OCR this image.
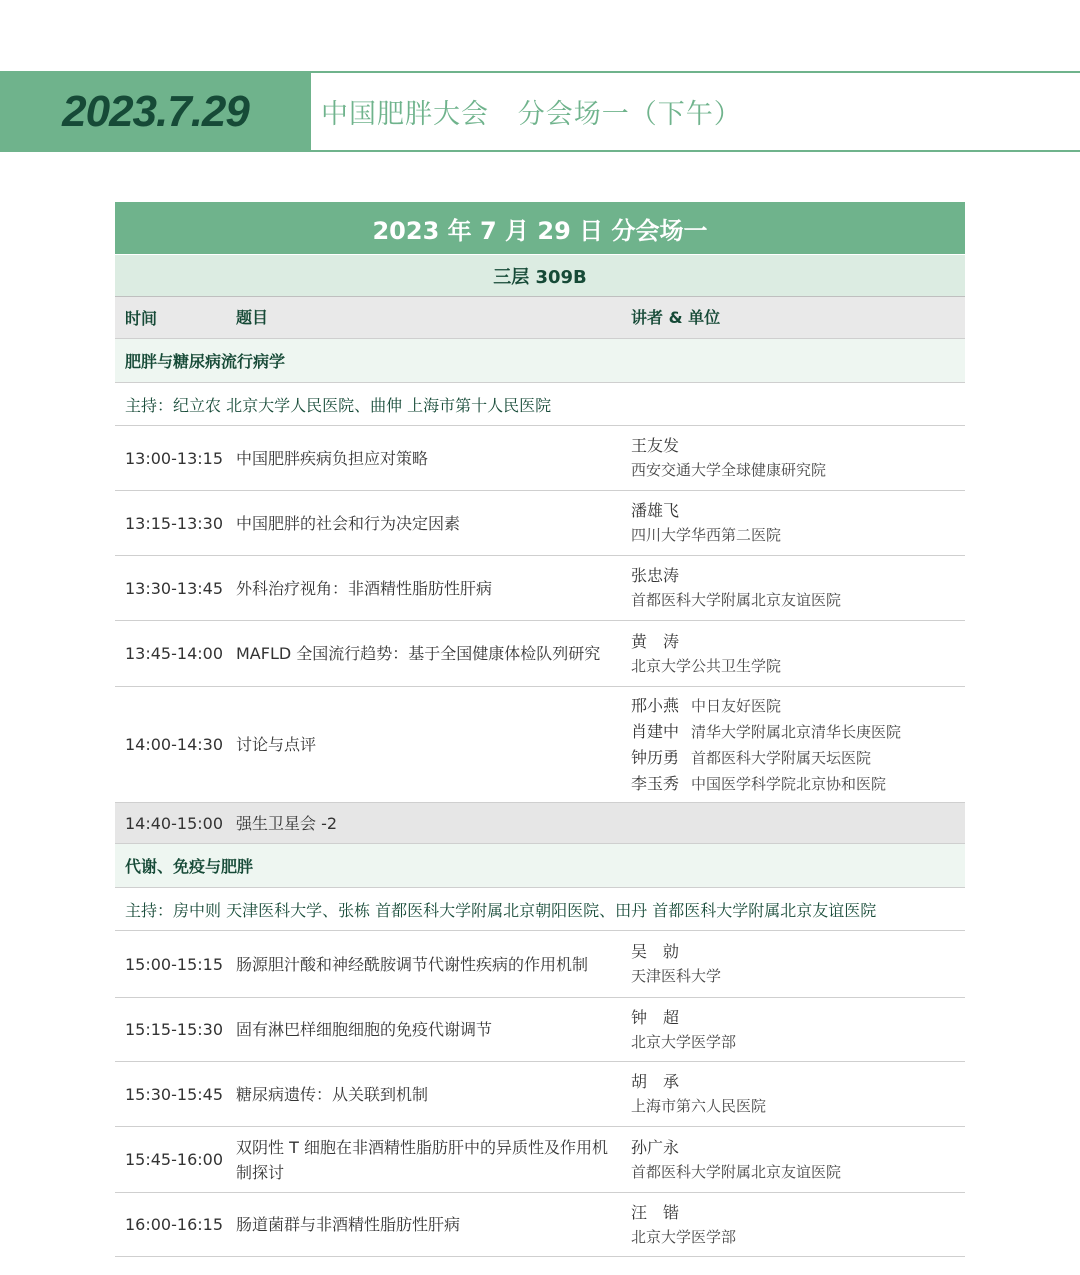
2023.7.29	中国肥胖大会   分会场一（下午）
2023 年 7 月 29 日 分会场一
三层 309B
时间	题目	讲者 & 单位
肥胖与糖尿病流行病学
主持：纪立农 北京大学人民医院、曲伸 上海市第十人民医院
13:00-13:15 中国肥胖疾病负担应对策略
王友发
西安交通大学全球健康研究院
13:15-13:30 中国肥胖的社会和行为决定因素
潘雄飞
四川大学华西第二医院
13:30-13:45 外科治疗视角：非酒精性脂肪性肝病
张忠涛
首都医科大学附属北京友谊医院
13:45-14:00 MAFLD 全国流行趋势：基于全国健康体检队列研究
黄　涛
北京大学公共卫生学院
14:00-14:30 讨论与点评
邢小燕 中日友好医院
肖建中 清华大学附属北京清华长庚医院
钟历勇 首都医科大学附属天坛医院
李玉秀 中国医学科学院北京协和医院
14:40-15:00 强生卫星会 -2
代谢、免疫与肥胖
主持：房中则 天津医科大学、张栋 首都医科大学附属北京朝阳医院、田丹 首都医科大学附属北京友谊医院
15:00-15:15 肠源胆汁酸和神经酰胺调节代谢性疾病的作用机制
吴　勍
天津医科大学
15:15-15:30 固有淋巴样细胞细胞的免疫代谢调节
钟　超
北京大学医学部
15:30-15:45 糖尿病遗传：从关联到机制
胡　承
上海市第六人民医院
15:45-16:00
双阴性 T 细胞在非酒精性脂肪肝中的异质性及作用机制探讨
孙广永
首都医科大学附属北京友谊医院
16:00-16:15 肠道菌群与非酒精性脂肪性肝病
汪　锴
北京大学医学部
